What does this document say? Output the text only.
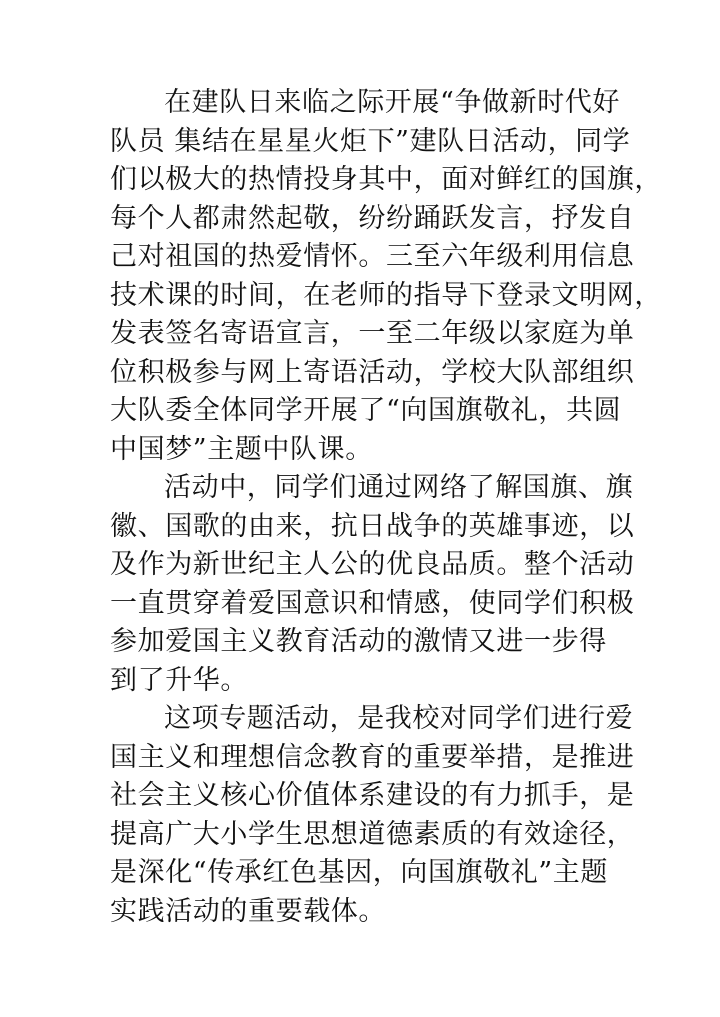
在建队日来临之际开展“争做新时代好
队员 集结在星星火炬下”建队日活动，同学
们以极大的热情投身其中，面对鲜红的国旗，
每个人都肃然起敬，纷纷踊跃发言，抒发自
己对祖国的热爱情怀。三至六年级利用信息
技术课的时间，在老师的指导下登录文明网，
发表签名寄语宣言，一至二年级以家庭为单
位积极参与网上寄语活动，学校大队部组织
大队委全体同学开展了“向国旗敬礼，共圆
中国梦”主题中队课。
活动中，同学们通过网络了解国旗、旗
徽、国歌的由来，抗日战争的英雄事迹，以
及作为新世纪主人公的优良品质。整个活动
一直贯穿着爱国意识和情感，使同学们积极
参加爱国主义教育活动的激情又进一步得
到了升华。
这项专题活动，是我校对同学们进行爱
国主义和理想信念教育的重要举措，是推进
社会主义核心价值体系建设的有力抓手，是
提高广大小学生思想道德素质的有效途径，
是深化“传承红色基因，向国旗敬礼”主题
实践活动的重要载体。
